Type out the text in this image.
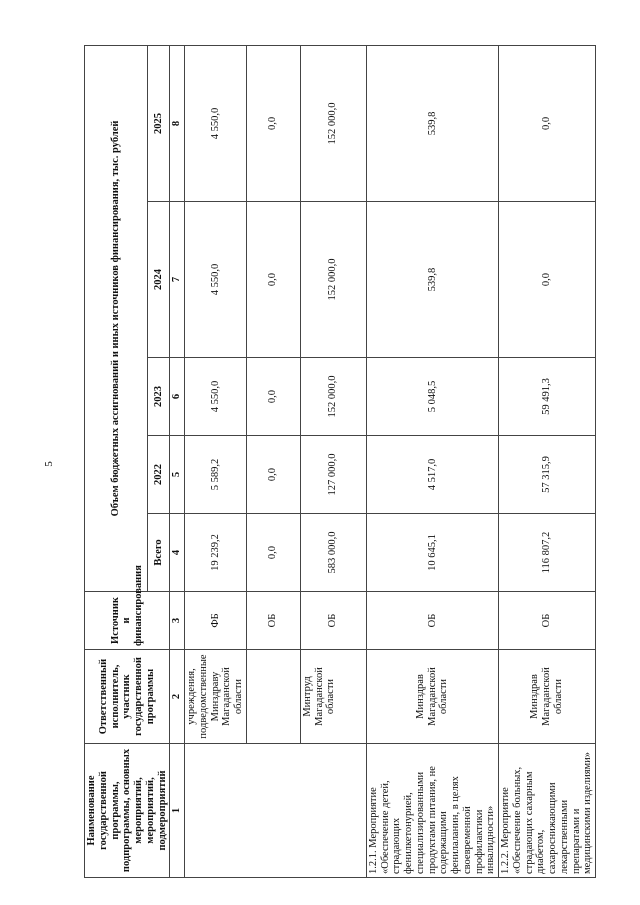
5
Наименование государственной программы, подпрограммы, основных мероприятий, мероприятий, подмероприятий	Ответственный исполнитель, участник государственной программы	Источник и финансирования	Объем бюджетных ассигнований и иных источников финансирования, тыс. рублей				
			Всего	2022	2023	2024	2025
1	2	3	4	5	6	7	8
	учреждения, подведомственные Минздраву Магаданской области	ФБ	19 239,2	5 589,2	4 550,0	4 550,0	4 550,0
		ОБ	0,0	0,0	0,0	0,0	0,0
	Минтруд Магаданской области	ОБ	583 000,0	127 000,0	152 000,0	152 000,0	152 000,0
1.2.1. Мероприятие «Обеспечение детей, страдающих фенилкетонурией, специализированными продуктами питания, не содержащими фенилаланин, в целях своевременной профилактики инвалидности»	Минздрав Магаданской области	ОБ	10 645,1	4 517,0	5 048,5	539,8	539,8
1.2.2. Мероприятие «Обеспечение больных, страдающих сахарным диабетом, сахароснижающими лекарственными препаратами и медицинскими изделиями»	Минздрав Магаданской области	ОБ	116 807,2	57 315,9	59 491,3	0,0	0,0
